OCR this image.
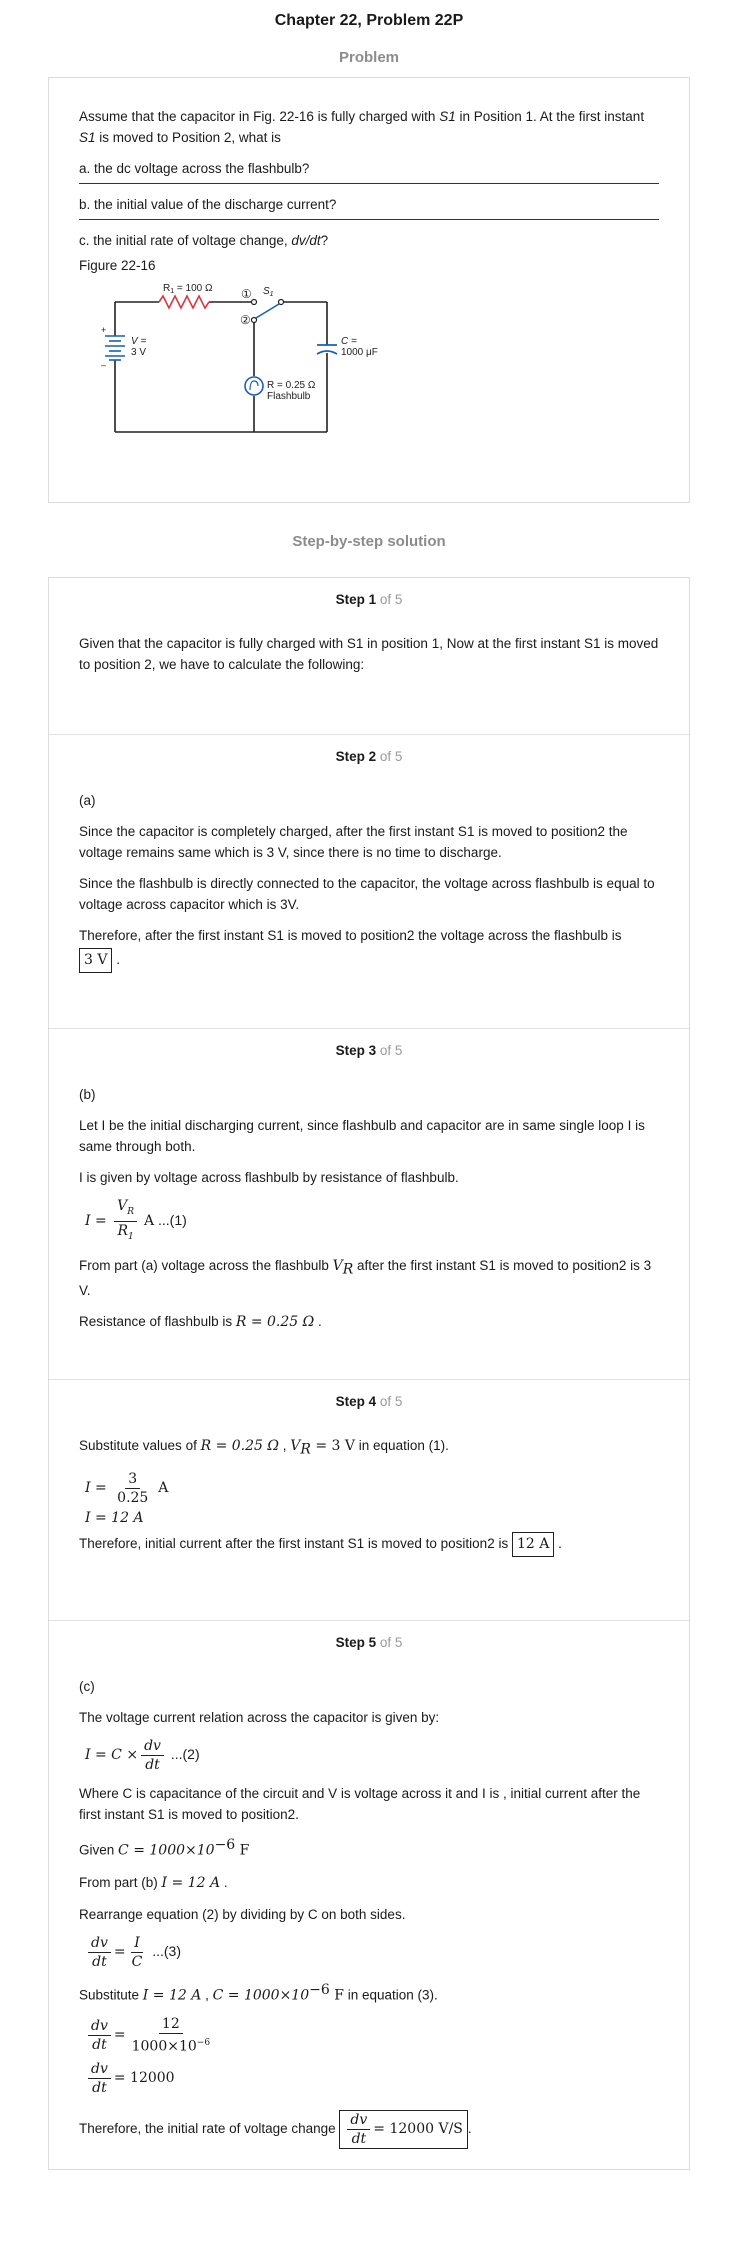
Chapter 22, Problem 22P
Problem

Assume that the capacitor in Fig. 22-16 is fully charged with S1 in Position 1. At the first instant S1 is moved to Position 2, what is

a. the dc voltage across the flashbulb?

b. the initial value of the discharge current?

c. the initial rate of voltage change, dv/dt?

Figure 22-16

$R_1 = 100$ Ω ① $S_1$
②
+
–
V =
3 V
R = 0.25 Ω
Flashbulb
C =
1000 μF
Step-by-step solution
Step 1 of 5

Given that the capacitor is fully charged with S1 in position 1, Now at the first instant S1 is moved to position 2, we have to calculate the following:

Step 2 of 5

(a)

Since the capacitor is completely charged, after the first instant S1 is moved to position2 the voltage remains same which is 3 V, since there is no time to discharge.

Since the flashbulb is directly connected to the capacitor, the voltage across flashbulb is equal to voltage across capacitor which is 3V.

Therefore, after the first instant S1 is moved to position2 the voltage across the flashbulb is

3 V .

Step 3 of 5

(b)

Let I be the initial discharging current, since flashbulb and capacitor are in same single loop I is same through both.

I is given by voltage across flashbulb by resistance of flashbulb.

$I = \frac{V_R}{R_1}$ A ...(1)

From part (a) voltage across the flashbulb $V_R$ after the first instant S1 is moved to position2 is 3 V.

Resistance of flashbulb is R = 0.25 Ω .

Step 4 of 5

Substitute values of R = 0.25 Ω , $V_R = 3$ V in equation (1).

$I = \frac{3}{0.25}$ A
I = 12 A

Therefore, initial current after the first instant S1 is moved to position2 is 12 A .

Step 5 of 5

(c)

The voltage current relation across the capacitor is given by:

$I = C \times \frac{dv}{dt} ...(2)$

Where C is capacitance of the circuit and V is voltage across it and I is , initial current after the first instant S1 is moved to position2.

Given $C = 1000\times 10^{-6}$ F

From part (b) I = 12 A .

Rearrange equation (2) by dividing by C on both sides.

$\frac{dv}{dt} = \frac{I}{C} ...(3)$

Substitute I = 12 A , $C = 1000\times 10^{-6}$ F in equation (3).

$\frac{dv}{dt} = \frac{12}{1000\times 10^{-6}}$
$\frac{dv}{dt} = 12000$

Therefore, the initial rate of voltage change $\frac{dv}{dt} = 12000$ V/S .
